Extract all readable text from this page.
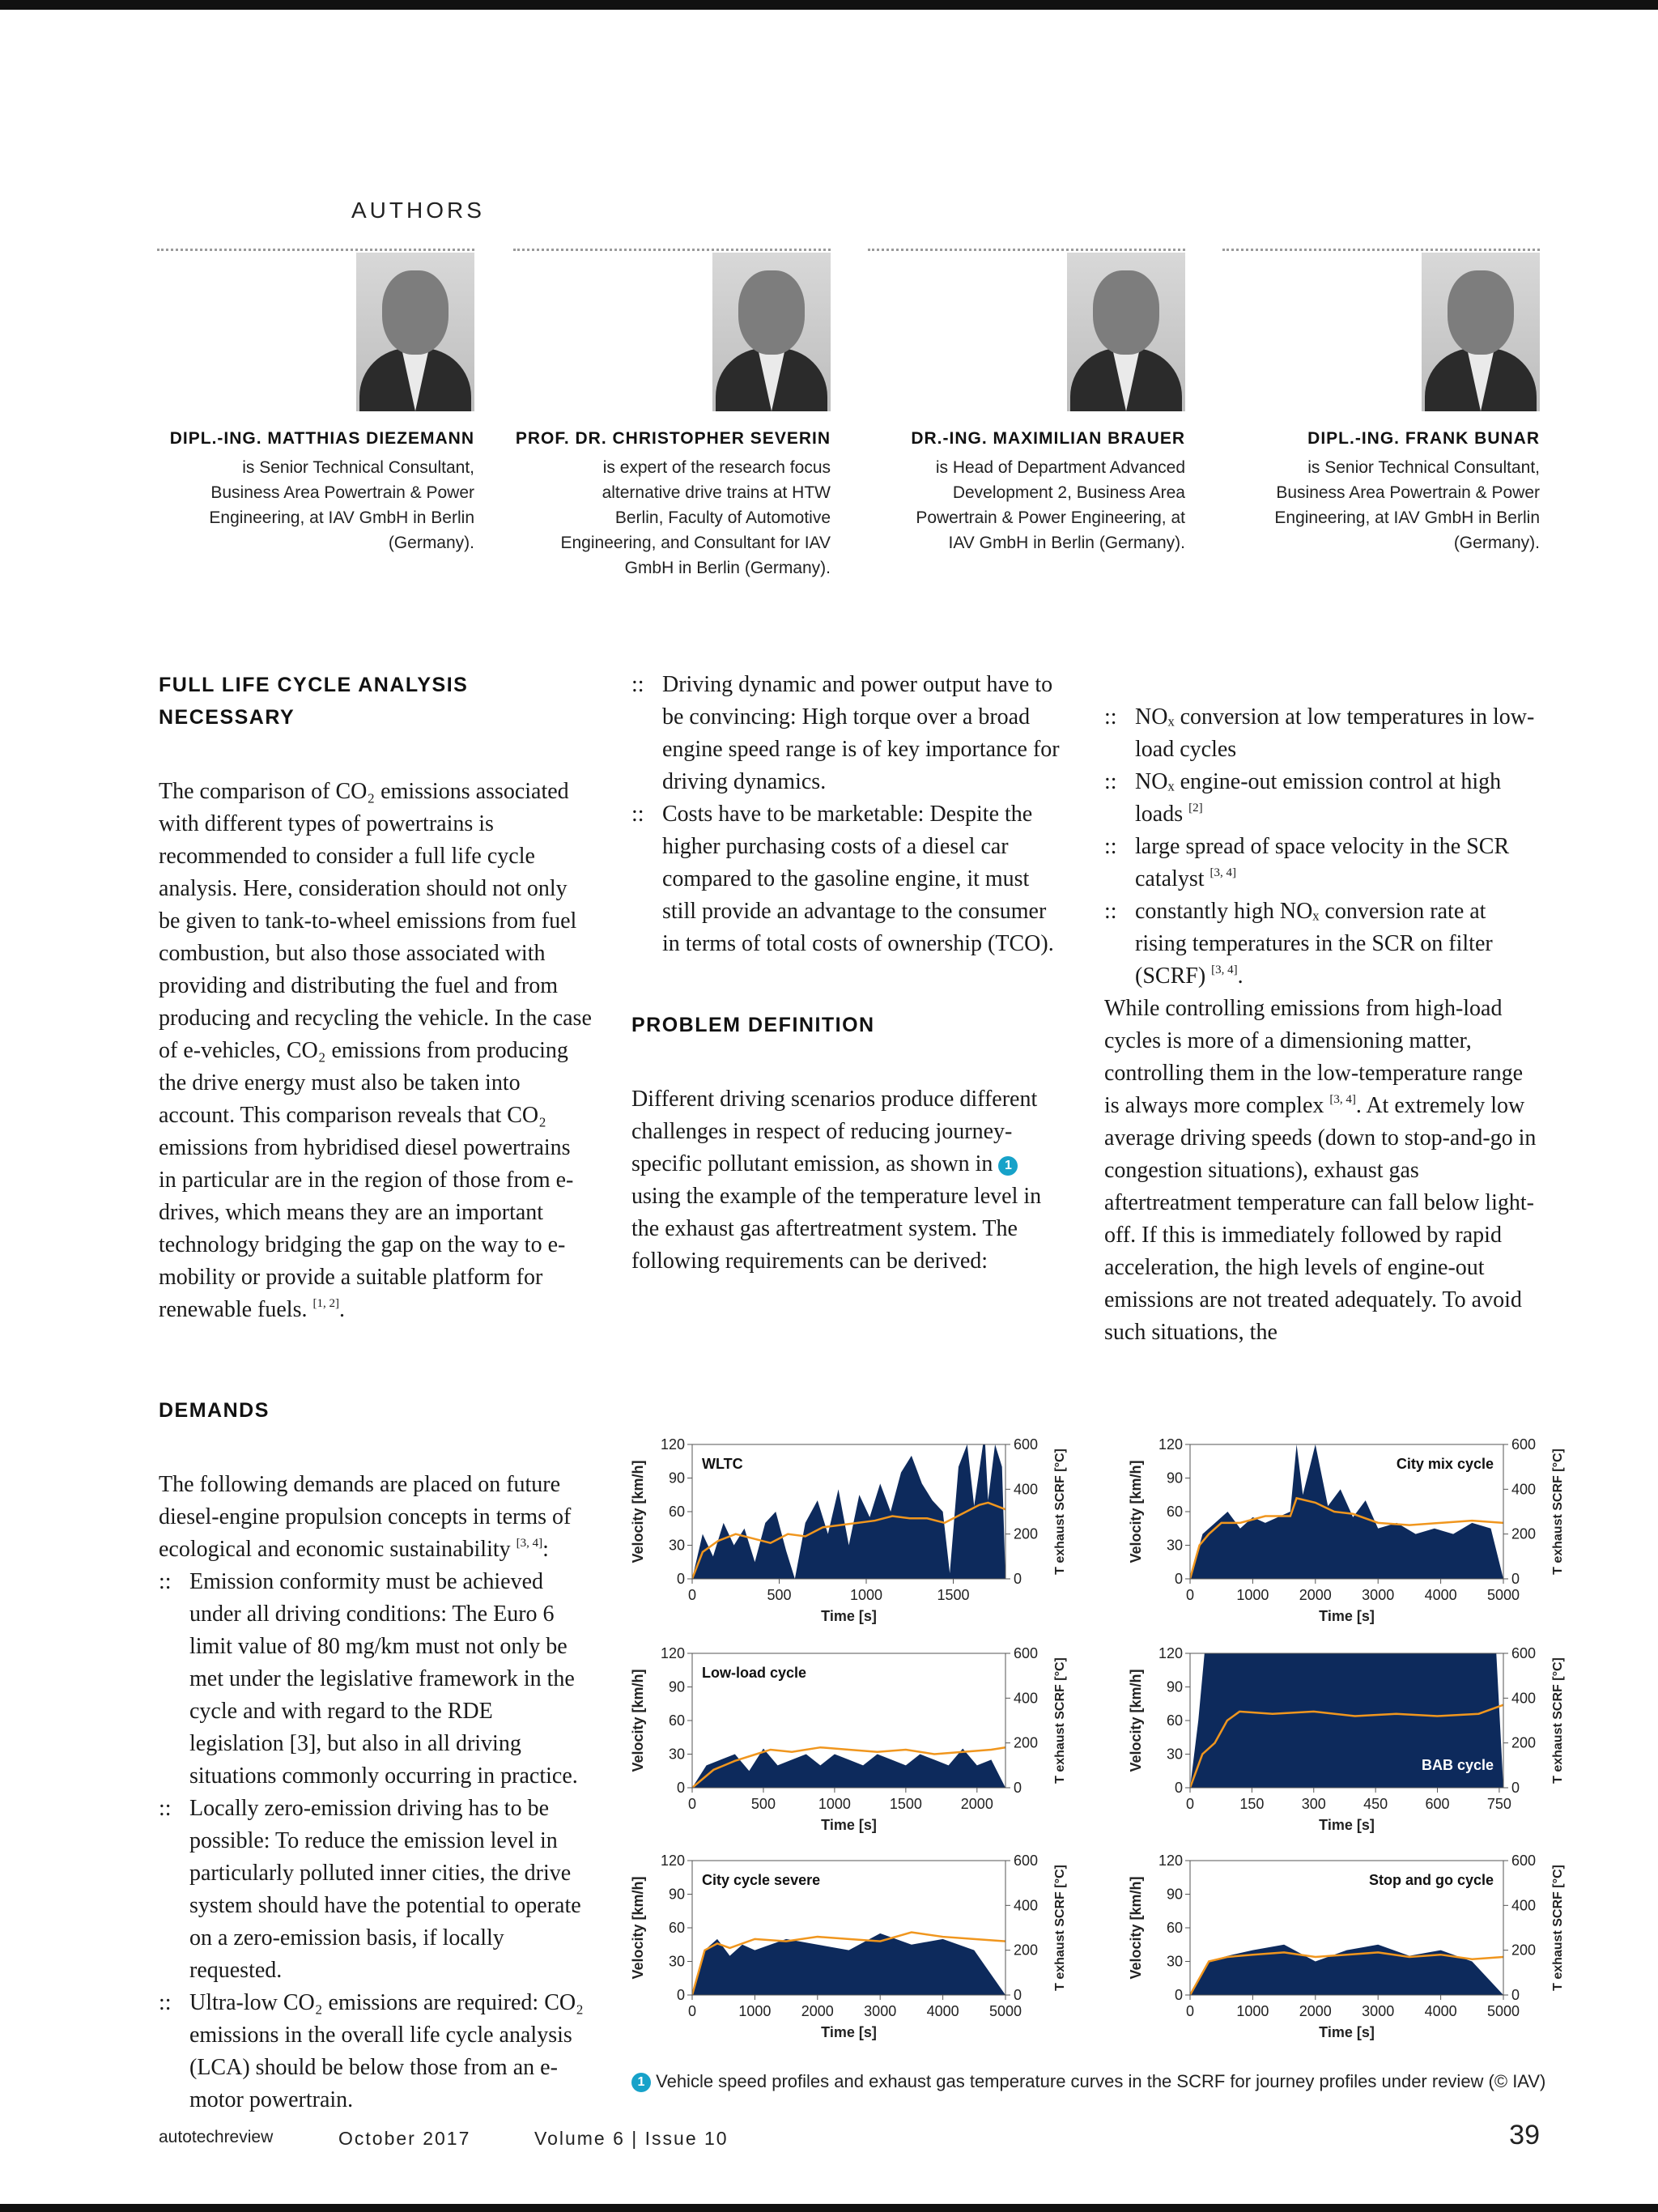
AUTHORS
DIPL.-ING. MATTHIAS DIEZEMANN
is Senior Technical Consultant,
Business Area Powertrain & Power
Engineering, at IAV GmbH in Berlin
(Germany).
PROF. DR. CHRISTOPHER SEVERIN
is expert of the research focus
alternative drive trains at HTW
Berlin, Faculty of Automotive
Engineering, and Consultant for IAV
GmbH in Berlin (Germany).
DR.-ING. MAXIMILIAN BRAUER
is Head of Department Advanced
Development 2, Business Area
Powertrain & Power Engineering, at
IAV GmbH in Berlin (Germany).
DIPL.-ING. FRANK BUNAR
is Senior Technical Consultant,
Business Area Powertrain & Power
Engineering, at IAV GmbH in Berlin
(Germany).

FULL LIFE CYCLE ANALYSIS NECESSARY

The comparison of CO₂ emissions associated with different types of powertrains is recommended to consider a full life cycle analysis. Here, consideration should not only be given to tank-to-wheel emissions from fuel combustion, but also those associated with providing and distributing the fuel and from producing and recycling the vehicle. In the case of e-vehicles, CO₂ emissions from producing the drive energy must also be taken into account. This comparison reveals that CO₂ emissions from hybridised diesel powertrains in particular are in the region of those from e-drives, which means they are an important technology bridging the gap on the way to e-mobility or provide a suitable platform for renewable fuels. [1, 2].

DEMANDS

The following demands are placed on future diesel-engine propulsion concepts in terms of ecological and economic sustainability [3, 4]:

:: Emission conformity must be achieved under all driving conditions: The Euro 6 limit value of 80 mg/km must not only be met under the legislative framework in the cycle and with regard to the RDE legislation [3], but also in all driving situations commonly occurring in practice.
:: Locally zero-emission driving has to be possible: To reduce the emission level in particularly polluted inner cities, the drive system should have the potential to operate on a zero-emission basis, if locally requested.
:: Ultra-low CO₂ emissions are required: CO₂ emissions in the overall life cycle analysis (LCA) should be below those from an e-motor powertrain.
:: Driving dynamic and power output have to be convincing: High torque over a broad engine speed range is of key importance for driving dynamics.
:: Costs have to be marketable: Despite the higher purchasing costs of a diesel car compared to the gasoline engine, it must still provide an advantage to the consumer in terms of total costs of ownership (TCO).

PROBLEM DEFINITION

Different driving scenarios produce different challenges in respect of reducing journey-specific pollutant emission, as shown in 1 using the example of the temperature level in the exhaust gas aftertreatment system. The following requirements can be derived:

:: NOₓ conversion at low temperatures in low-load cycles
:: NOₓ engine-out emission control at high loads [2]
:: large spread of space velocity in the SCR catalyst [3, 4]
:: constantly high NOₓ conversion rate at rising temperatures in the SCR on filter (SCRF) [3, 4].

While controlling emissions from high-load cycles is more of a dimensioning matter, controlling them in the low-temperature range is always more complex [3, 4]. At extremely low average driving speeds (down to stop-and-go in congestion situations), exhaust gas aftertreatment temperature can fall below light-off. If this is immediately followed by rapid acceleration, the high levels of engine-out emissions are not treated adequately. To avoid such situations, the

0
30
60
90
120
0
200
400
600
0	500	1000	1500
Time [s]
Velocity [km/h]	T exhaust SCRF [°C]
WLTC
0
30
60
90
120
0
200
400
600
0	1000 2000 3000 4000 5000
Time [s]
Velocity [km/h]	T exhaust SCRF [°C]
City mix cycle
0
30
60
90
120
0
200
400
600
0	500	1000	1500	2000
Time [s]
Velocity [km/h]	T exhaust SCRF [°C]
Low-load cycle
0
30
60
90
120
0
200
400
600
0	150	300	450	600	750
Time [s]
Velocity [km/h]	T exhaust SCRF [°C]
BAB cycle
0
30
60
90
120
0
200
400
600
0	1000 2000 3000 4000 5000
Time [s]
Velocity [km/h]	T exhaust SCRF [°C]
City cycle severe
0
30
60
90
120
0
200
400
600
0	1000 2000 3000 4000 5000
Time [s]
Velocity [km/h]	T exhaust SCRF [°C]
Stop and go cycle
1 Vehicle speed profiles and exhaust gas temperature curves in the SCRF for journey profiles under review (© IAV)
autotechreview	October 2017	Volume 6 | Issue 10	39
